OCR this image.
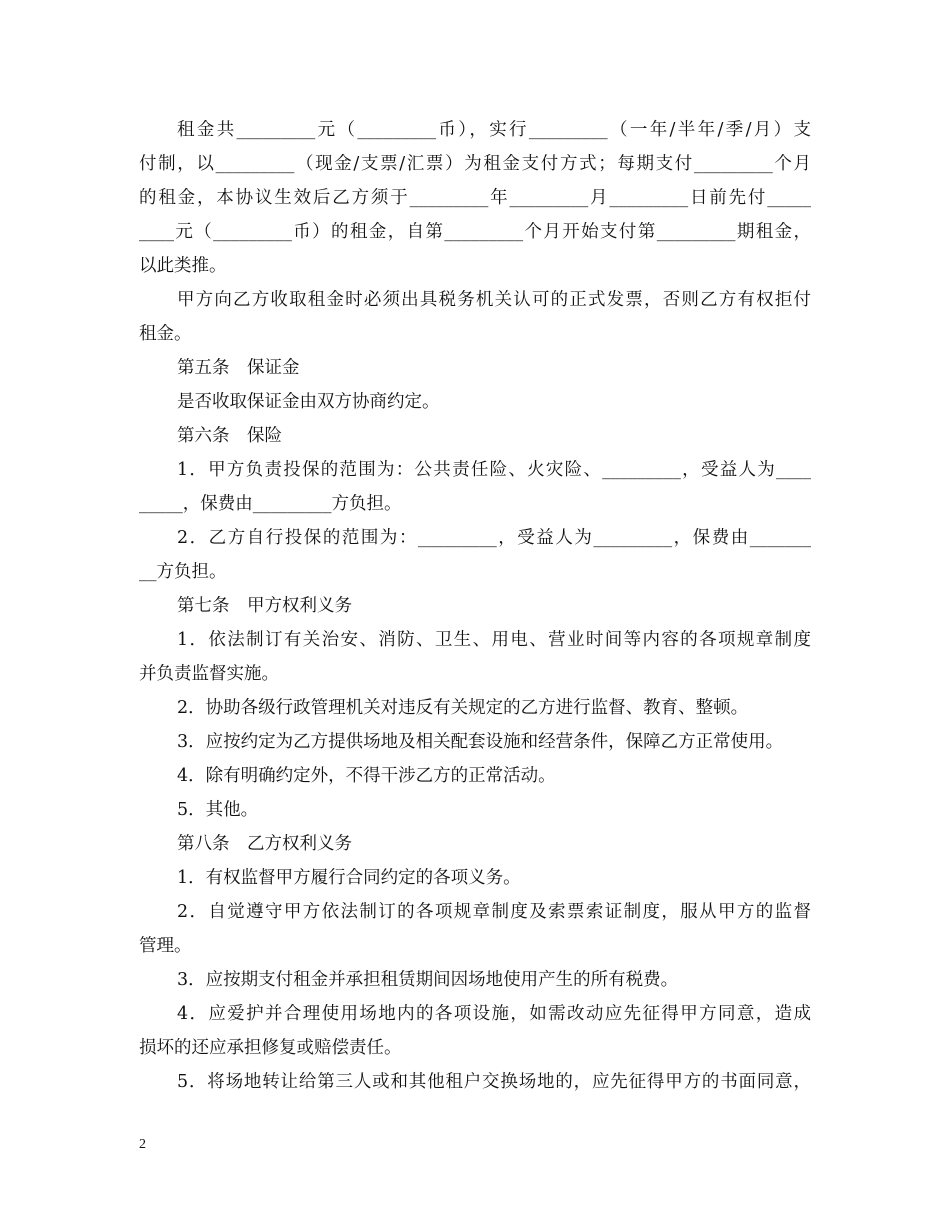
租金共_________元（_________币），实行_________（一年/半年/季/月）支
付制，以_________（现金/支票/汇票）为租金支付方式；每期支付_________个月
的租金，本协议生效后乙方须于_________年_________月_________日前先付_____
____元（_________币）的租金，自第_________个月开始支付第_________期租金，
以此类推。
甲方向乙方收取租金时必须出具税务机关认可的正式发票，否则乙方有权拒付
租金。
第五条　保证金
是否收取保证金由双方协商约定。
第六条　保险
1．甲方负责投保的范围为：公共责任险、火灾险、_________，受益人为____
_____，保费由_________方负担。
2．乙方自行投保的范围为：_________，受益人为_________，保费由_______
__方负担。
第七条　甲方权利义务
1．依法制订有关治安、消防、卫生、用电、营业时间等内容的各项规章制度
并负责监督实施。
2．协助各级行政管理机关对违反有关规定的乙方进行监督、教育、整顿。
3．应按约定为乙方提供场地及相关配套设施和经营条件，保障乙方正常使用。
4．除有明确约定外，不得干涉乙方的正常活动。
5．其他。
第八条　乙方权利义务
1．有权监督甲方履行合同约定的各项义务。
2．自觉遵守甲方依法制订的各项规章制度及索票索证制度，服从甲方的监督
管理。
3．应按期支付租金并承担租赁期间因场地使用产生的所有税费。
4．应爱护并合理使用场地内的各项设施，如需改动应先征得甲方同意，造成
损坏的还应承担修复或赔偿责任。
5．将场地转让给第三人或和其他租户交换场地的，应先征得甲方的书面同意，
2
